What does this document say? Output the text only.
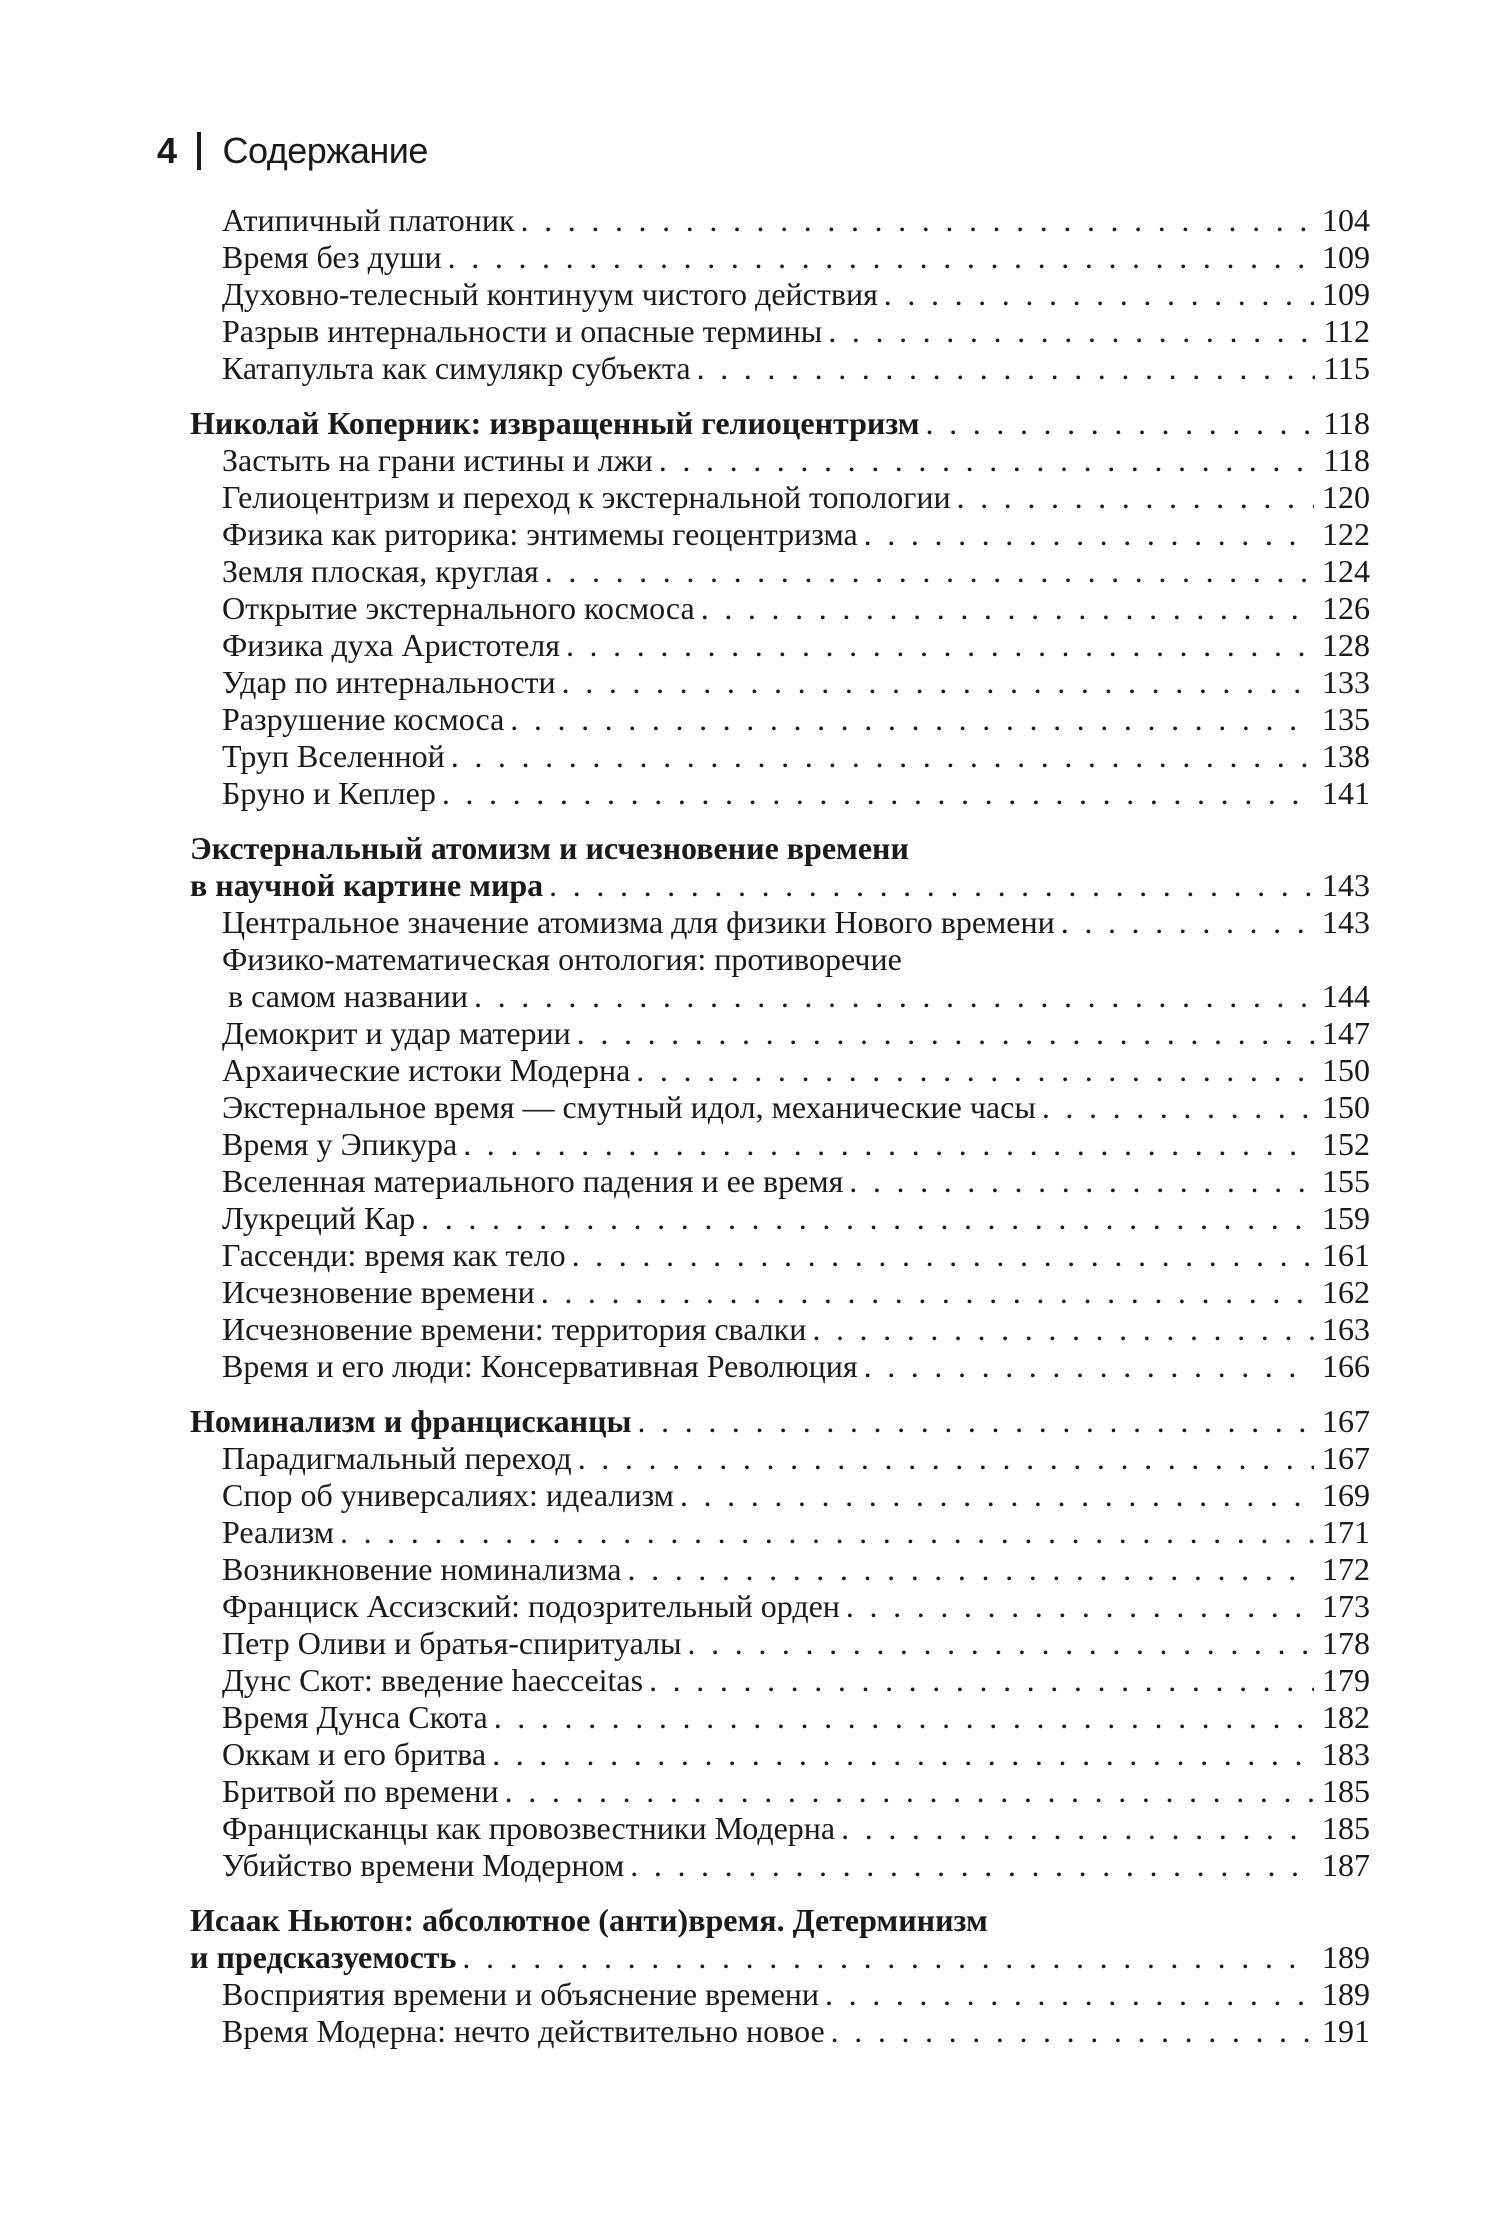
4 Содержание
Атипичный платоник . . .	104
Время без души . . .	109
Духовно-телесный континуум чистого действия . . .	109
Разрыв интернальности и опасные термины . . .	112
Катапульта как симулякр субъекта . . .	115
Николай Коперник: извращенный гелиоцентризм . . .	118
Застыть на грани истины и лжи . . .	118
Гелиоцентризм и переход к экстернальной топологии . . .	120
Физика как риторика: энтимемы геоцентризма . . .	122
Земля плоская, круглая . . .	124
Открытие экстернального космоса . . .	126
Физика духа Аристотеля . . .	128
Удар по интернальности . . .	133
Разрушение космоса . . .	135
Труп Вселенной . . .	138
Бруно и Кеплер . . .	141
Экстернальный атомизм и исчезновение времени
в научной картине мира . . .	143
Центральное значение атомизма для физики Нового времени . . .	143
Физико-математическая онтология: противоречие
в самом названии . . .	144
Демокрит и удар материи . . .	147
Архаические истоки Модерна . . .	150
Экстернальное время — смутный идол, механические часы . . .	150
Время у Эпикура . . .	152
Вселенная материального падения и ее время . . .	155
Лукреций Кар . . .	159
Гассенди: время как тело . . .	161
Исчезновение времени . . .	162
Исчезновение времени: территория свалки . . .	163
Время и его люди: Консервативная Революция . . .	166
Номинализм и францисканцы . . .	167
Парадигмальный переход . . .	167
Спор об универсалиях: идеализм . . .	169
Реализм . . .	171
Возникновение номинализма . . .	172
Франциск Ассизский: подозрительный орден . . .	173
Петр Оливи и братья-спиритуалы . . .	178
Дунс Скот: введение haecceitas . . .	179
Время Дунса Скота . . .	182
Оккам и его бритва . . .	183
Бритвой по времени . . .	185
Францисканцы как провозвестники Модерна . . .	185
Убийство времени Модерном . . .	187
Исаак Ньютон: абсолютное (анти)время. Детерминизм
и предсказуемость . . .	189
Восприятия времени и объяснение времени . . .	189
Время Модерна: нечто действительно новое . . .	191
